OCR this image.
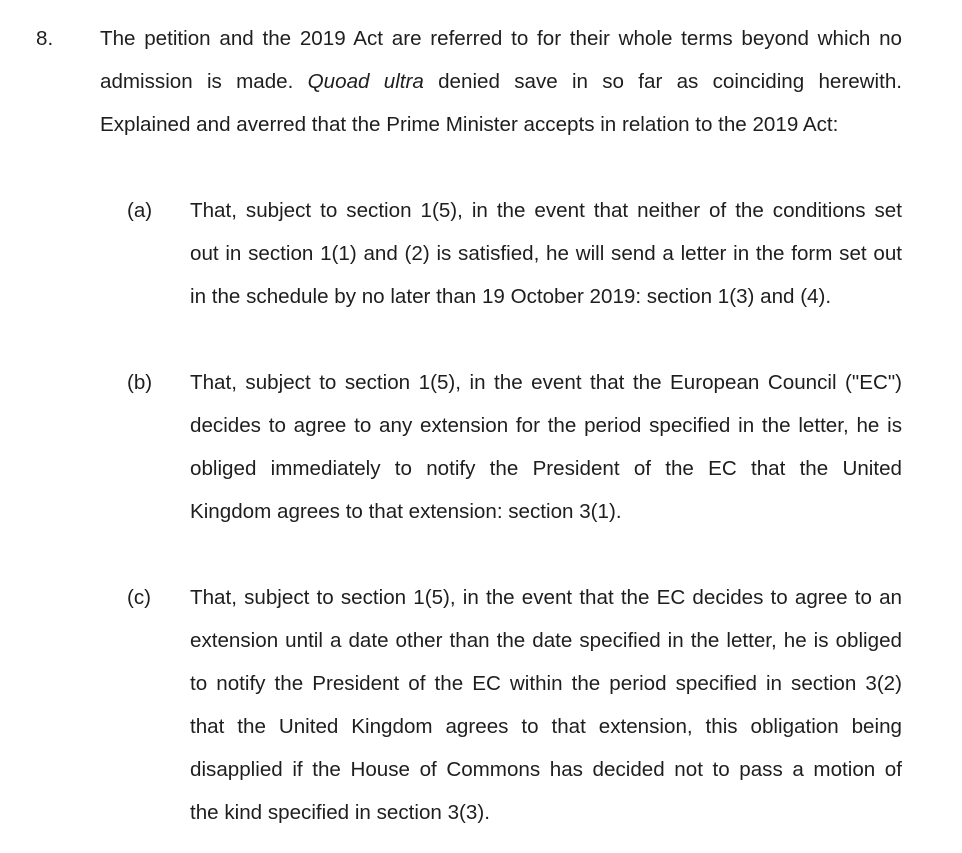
8.	The petition and the 2019 Act are referred to for their whole terms beyond which no
admission is made. Quoad ultra denied save in so far as coinciding herewith.
Explained and averred that the Prime Minister accepts in relation to the 2019 Act:
(a)	That, subject to section 1(5), in the event that neither of the conditions set
out in section 1(1) and (2) is satisfied, he will send a letter in the form set out
in the schedule by no later than 19 October 2019: section 1(3) and (4).
(b)	That, subject to section 1(5), in the event that the European Council ("EC")
decides to agree to any extension for the period specified in the letter, he is
obliged immediately to notify the President of the EC that the United
Kingdom agrees to that extension: section 3(1).
(c)	That, subject to section 1(5), in the event that the EC decides to agree to an
extension until a date other than the date specified in the letter, he is obliged
to notify the President of the EC within the period specified in section 3(2)
that the United Kingdom agrees to that extension, this obligation being
disapplied if the House of Commons has decided not to pass a motion of
the kind specified in section 3(3).
